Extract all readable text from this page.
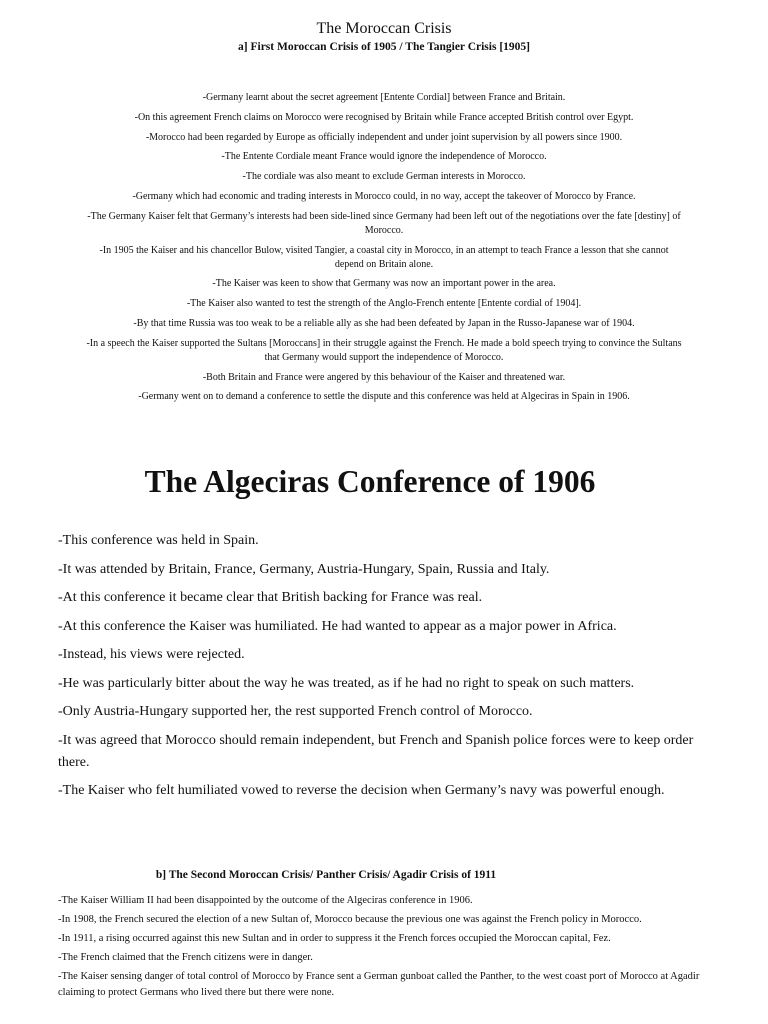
The Moroccan Crisis
a] First Moroccan Crisis of 1905 / The Tangier Crisis [1905]

-Germany learnt about the secret agreement [Entente Cordial] between France and Britain.

-On this agreement French claims on Morocco were recognised by Britain while France accepted British control over Egypt.

-Morocco had been regarded by Europe as officially independent and under joint supervision by all powers since 1900.

-The Entente Cordiale meant France would ignore the independence of Morocco.

-The cordiale was also meant to exclude German interests in Morocco.

-Germany which had economic and trading interests in Morocco could, in no way, accept the takeover of Morocco by France.

-The Germany Kaiser felt that Germany’s interests had been side-lined since Germany had been left out of the negotiations over the fate [destiny] of Morocco.

-In 1905 the Kaiser and his chancellor Bulow, visited Tangier, a coastal city in Morocco, in an attempt to teach France a lesson that she cannot depend on Britain alone.

-The Kaiser was keen to show that Germany was now an important power in the area.

-The Kaiser also wanted to test the strength of the Anglo-French entente [Entente cordial of 1904].

-By that time Russia was too weak to be a reliable ally as she had been defeated by Japan in the Russo-Japanese war of 1904.

-In a speech the Kaiser supported the Sultans [Moroccans] in their struggle against the French. He made a bold speech trying to convince the Sultans that Germany would support the independence of Morocco.

-Both Britain and France were angered by this behaviour of the Kaiser and threatened war.

-Germany went on to demand a conference to settle the dispute and this conference was held at Algeciras in Spain in 1906.

The Algeciras Conference of 1906

-This conference was held in Spain.

-It was attended by Britain, France, Germany, Austria-Hungary, Spain, Russia and Italy.

-At this conference it became clear that British backing for France was real.

-At this conference the Kaiser was humiliated. He had wanted to appear as a major power in Africa.

-Instead, his views were rejected.

-He was particularly bitter about the way he was treated, as if he had no right to speak on such matters.

-Only Austria-Hungary supported her, the rest supported French control of Morocco.

-It was agreed that Morocco should remain independent, but French and Spanish police forces were to keep order there.

-The Kaiser who felt humiliated vowed to reverse the decision when Germany’s navy was powerful enough.

b] The Second Moroccan Crisis/ Panther Crisis/ Agadir Crisis of 1911

-The Kaiser William II had been disappointed by the outcome of the Algeciras conference in 1906.

-In 1908, the French secured the election of a new Sultan of, Morocco because the previous one was against the French policy in Morocco.

-In 1911, a rising occurred against this new Sultan and in order to suppress it the French forces occupied the Moroccan capital, Fez.

-The French claimed that the French citizens were in danger.

-The Kaiser sensing danger of total control of Morocco by France sent a German gunboat called the Panther, to the west coast port of Morocco at Agadir claiming to protect Germans who lived there but there were none.
